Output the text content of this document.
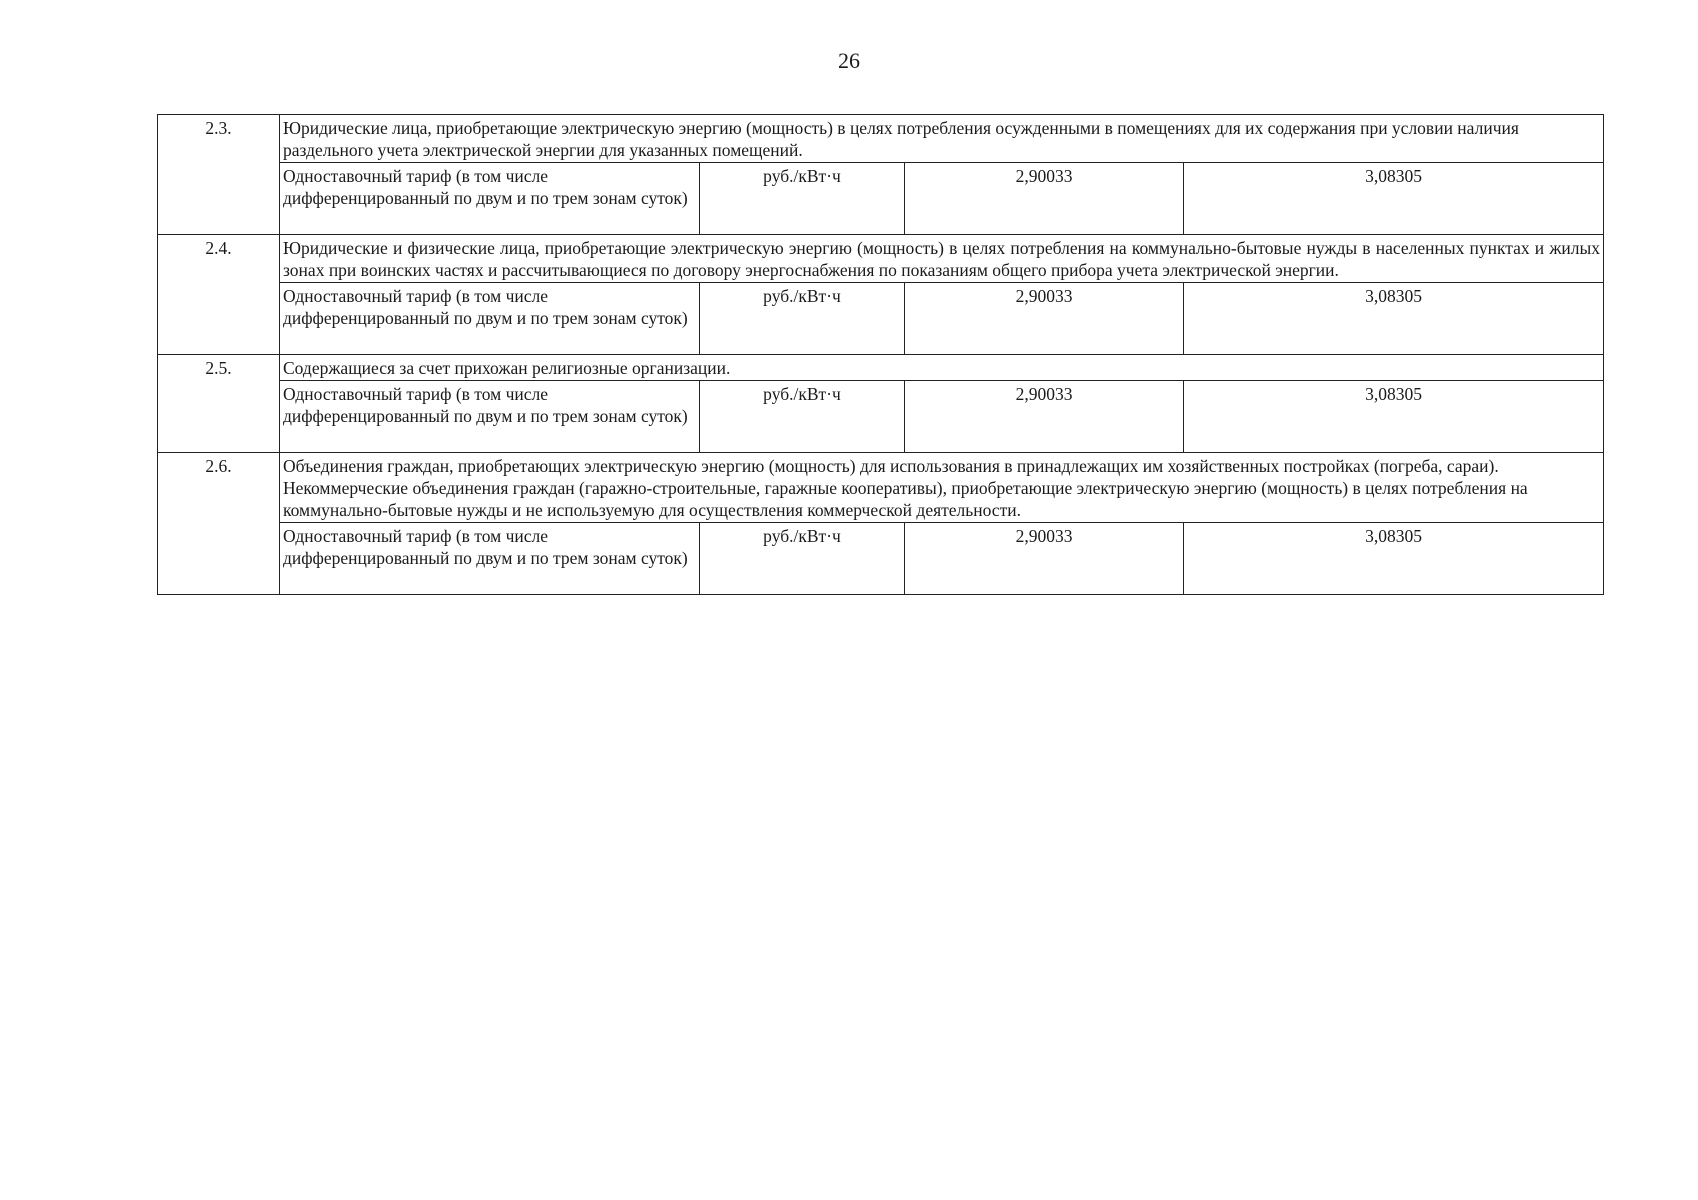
26
2.3.	Юридические лица, приобретающие электрическую энергию (мощность) в целях потребления осужденными в помещениях для их содержания при условии наличия раздельного учета электрической энергии для указанных помещений.			

	Одноставочный тариф (в том числе дифференцированный по двум и по трем зонам суток)	руб./кВт·ч	2,90033	3,08305
2.4.	Юридические и физические лица, приобретающие электрическую энергию (мощность) в целях потребления на коммунально-бытовые нужды в населенных пунктах и жилых зонах при воинских частях и рассчитывающиеся по договору энергоснабжения по показаниям общего прибора учета электрической энергии.			

	Одноставочный тариф (в том числе дифференцированный по двум и по трем зонам суток)	руб./кВт·ч	2,90033	3,08305
2.5.	Содержащиеся за счет прихожан религиозные организации.			

	Одноставочный тариф (в том числе дифференцированный по двум и по трем зонам суток)	руб./кВт·ч	2,90033	3,08305
2.6.	Объединения граждан, приобретающих электрическую энергию (мощность) для использования в принадлежащих им хозяйственных постройках (погреба, сараи).
Некоммерческие объединения граждан (гаражно-строительные, гаражные кооперативы), приобретающие электрическую энергию (мощность) в целях потребления на коммунально-бытовые нужды и не используемую для осуществления коммерческой деятельности.			

	Одноставочный тариф (в том числе дифференцированный по двум и по трем зонам суток)	руб./кВт·ч	2,90033	3,08305
